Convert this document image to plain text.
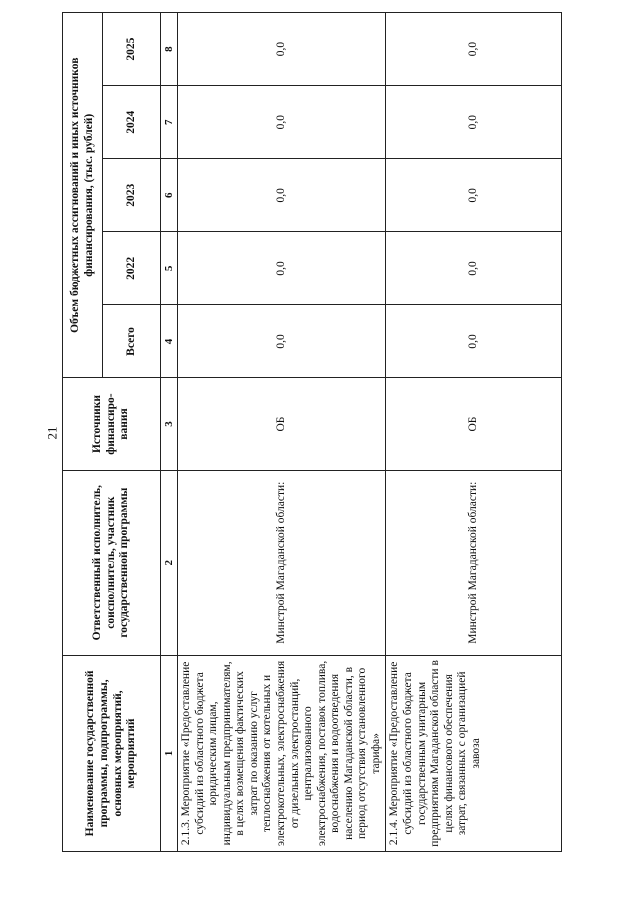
21
Наименование государственной программы, подпрограммы, основных мероприятий, мероприятий	Ответственный исполнитель, соисполнитель, участник государственной программы	Источники финансиро-вания	Объем бюджетных ассигнований и иных источников финансирования, (тыс. рублей)				
			Всего	2022	2023	2024	2025
1	2	3	4	5	6	7	8
2.1.3. Мероприятие «Предоставление субсидий из областного бюджета юридическим лицам, индивидуальным предпринимателям, в целях возмещения фактических затрат по оказанию услуг теплоснабжения от котельных и электрокотельных, электроснабжения от дизельных электростанций, централизованного электроснабжения, поставок топлива, водоснабжения и водоотведения населению Магаданской области, в период отсутствия установленного тарифа»	Минстрой Магаданской области:	ОБ	0,0	0,0	0,0	0,0	0,0
2.1.4. Мероприятие «Предоставление субсидий из областного бюджета государственным унитарным предприятиям Магаданской области в целях финансового обеспечения затрат, связанных с организацией завоза	Минстрой Магаданской области:	ОБ	0,0	0,0	0,0	0,0	0,0
